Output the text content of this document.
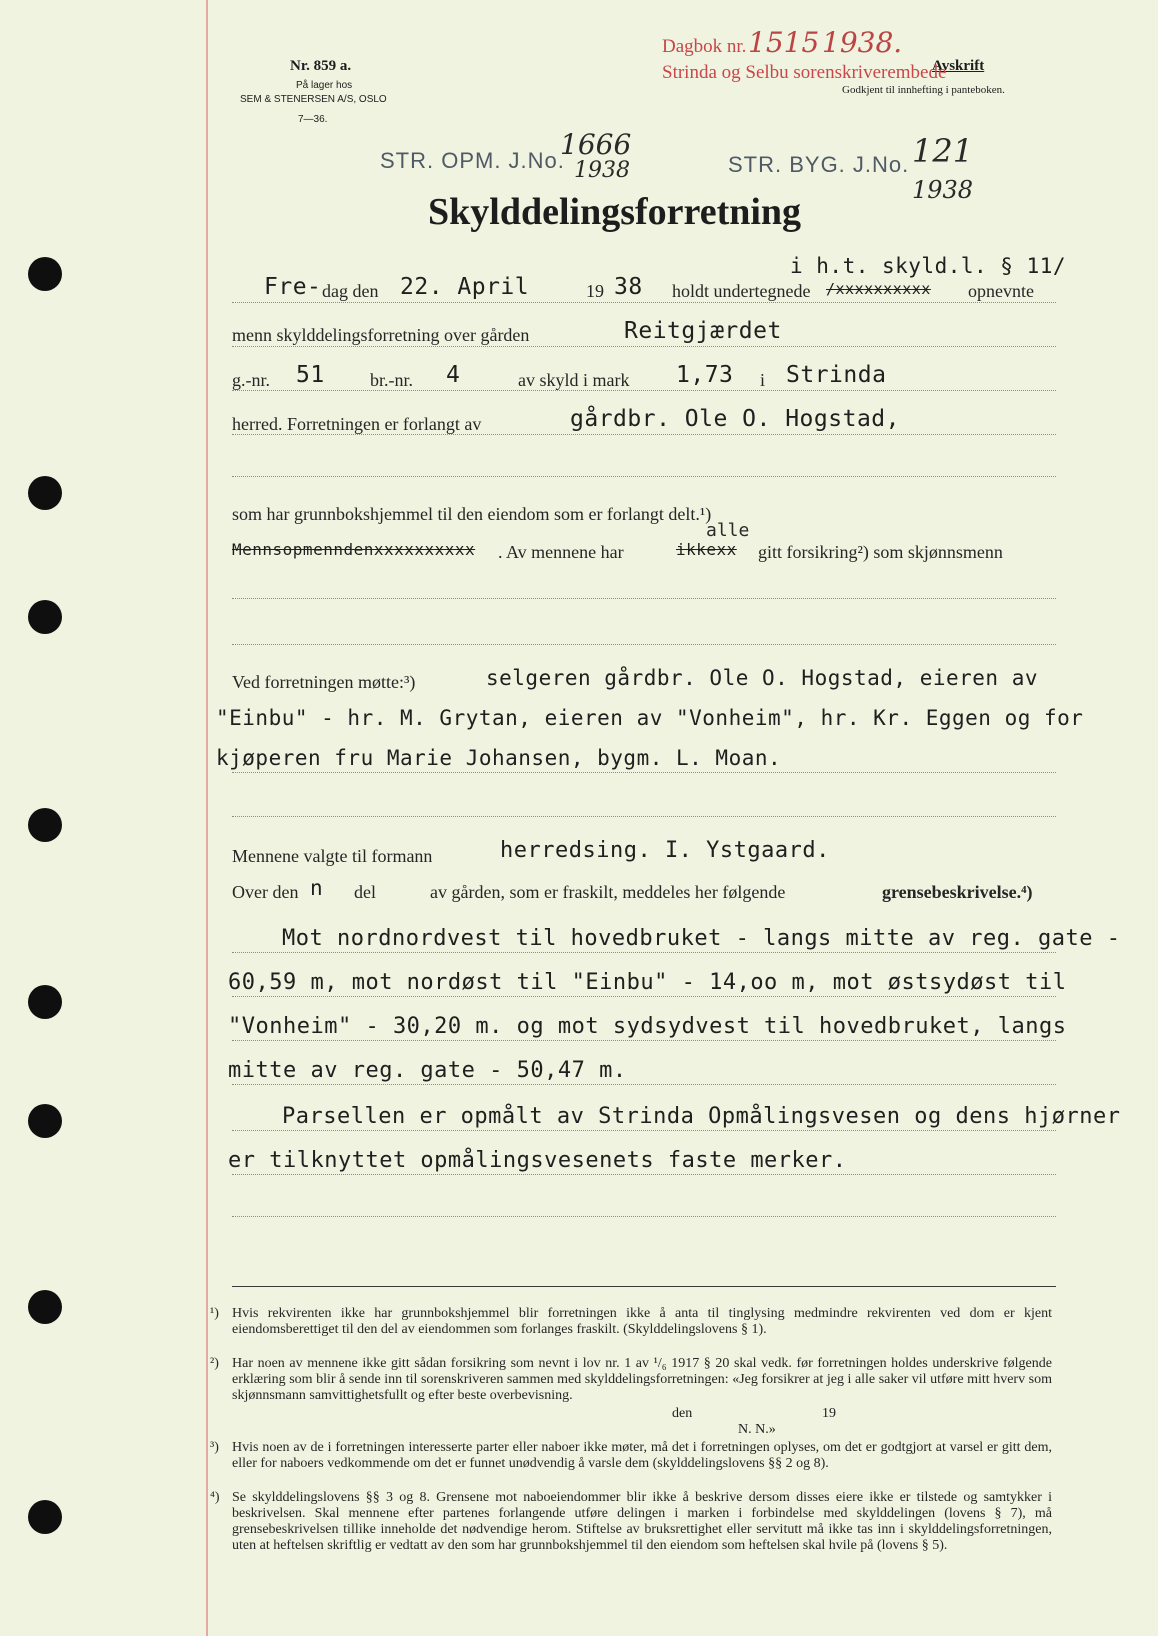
Nr. 859 a.
På lager hos
SEM & STENERSEN A/S, OSLO
7—36.
Dagbok nr. 1515 1938.
Avskrift
Strinda og Selbu sorenskriverembede
Godkjent til innhefting i panteboken.
STR. OPM. J.No.
1666
1938	STR. BYG. J.No. 121
1938
Skylddelingsforretning
i h.t. skyld.l. § 11/
Fre- dag den 22. April	19 38 holdt undertegnede /xxxxxxxxxx opnevnte
menn skylddelingsforretning over gården	Reitgjærdet
g.-nr. 51	br.-nr. 4	av skyld i mark 1,73 i Strinda
herred. Forretningen er forlangt av	gårdbr. Ole O. Hogstad,
som har grunnbokshjemmel til den eiendom som er forlangt delt.¹)
alle
Mennsopmenndenxxxxxxxxxx . Av mennene har	ikkexx gitt forsikring²) som skjønnsmenn
Ved forretningen møtte:³)	selgeren gårdbr. Ole O. Hogstad, eieren av
"Einbu" - hr. M. Grytan, eieren av "Vonheim", hr. Kr. Eggen og for
kjøperen fru Marie Johansen, bygm. L. Moan.
Mennene valgte til formann	herredsing. I. Ystgaard.
Over den n del	av gården, som er fraskilt, meddeles her følgende	grensebeskrivelse.⁴)
Mot nordnordvest til hovedbruket - langs mitte av reg. gate -
60,59 m, mot nordøst til "Einbu" - 14,oo m, mot østsydøst til
"Vonheim" - 30,20 m. og mot sydsydvest til hovedbruket, langs
mitte av reg. gate - 50,47 m.
Parsellen er opmålt av Strinda Opmålingsvesen og dens hjørner
er tilknyttet opmålingsvesenets faste merker.
¹) Hvis rekvirenten ikke har grunnbokshjemmel blir forretningen ikke å anta til tinglysing medmindre rekvirenten ved dom er kjent eiendomsberettiget til den del av eiendommen som forlanges fraskilt. (Skylddelingslovens § 1).
²) Har noen av mennene ikke gitt sådan forsikring som nevnt i lov nr. 1 av ¹/₆ 1917 § 20 skal vedk. før forretningen holdes underskrive følgende erklæring som blir å sende inn til sorenskriveren sammen med skylddelingsforretningen: «Jeg forsikrer at jeg i alle saker vil utføre mitt hverv som skjønnsmann samvittighetsfullt og efter beste overbevisning.
den	19
N. N.»
³) Hvis noen av de i forretningen interesserte parter eller naboer ikke møter, må det i forretningen oplyses, om det er godtgjort at varsel er gitt dem, eller for naboers vedkommende om det er funnet unødvendig å varsle dem (skylddelingslovens §§ 2 og 8).
⁴) Se skylddelingslovens §§ 3 og 8. Grensene mot naboeiendommer blir ikke å beskrive dersom disses eiere ikke er tilstede og samtykker i beskrivelsen. Skal mennene efter partenes forlangende utføre delingen i marken i forbindelse med skylddelingen (lovens § 7), må grensebeskrivelsen tillike inneholde det nødvendige herom. Stiftelse av bruksrettighet eller servitutt må ikke tas inn i skylddelingsforretningen, uten at heftelsen skriftlig er vedtatt av den som har grunnbokshjemmel til den eiendom som heftelsen skal hvile på (lovens § 5).
